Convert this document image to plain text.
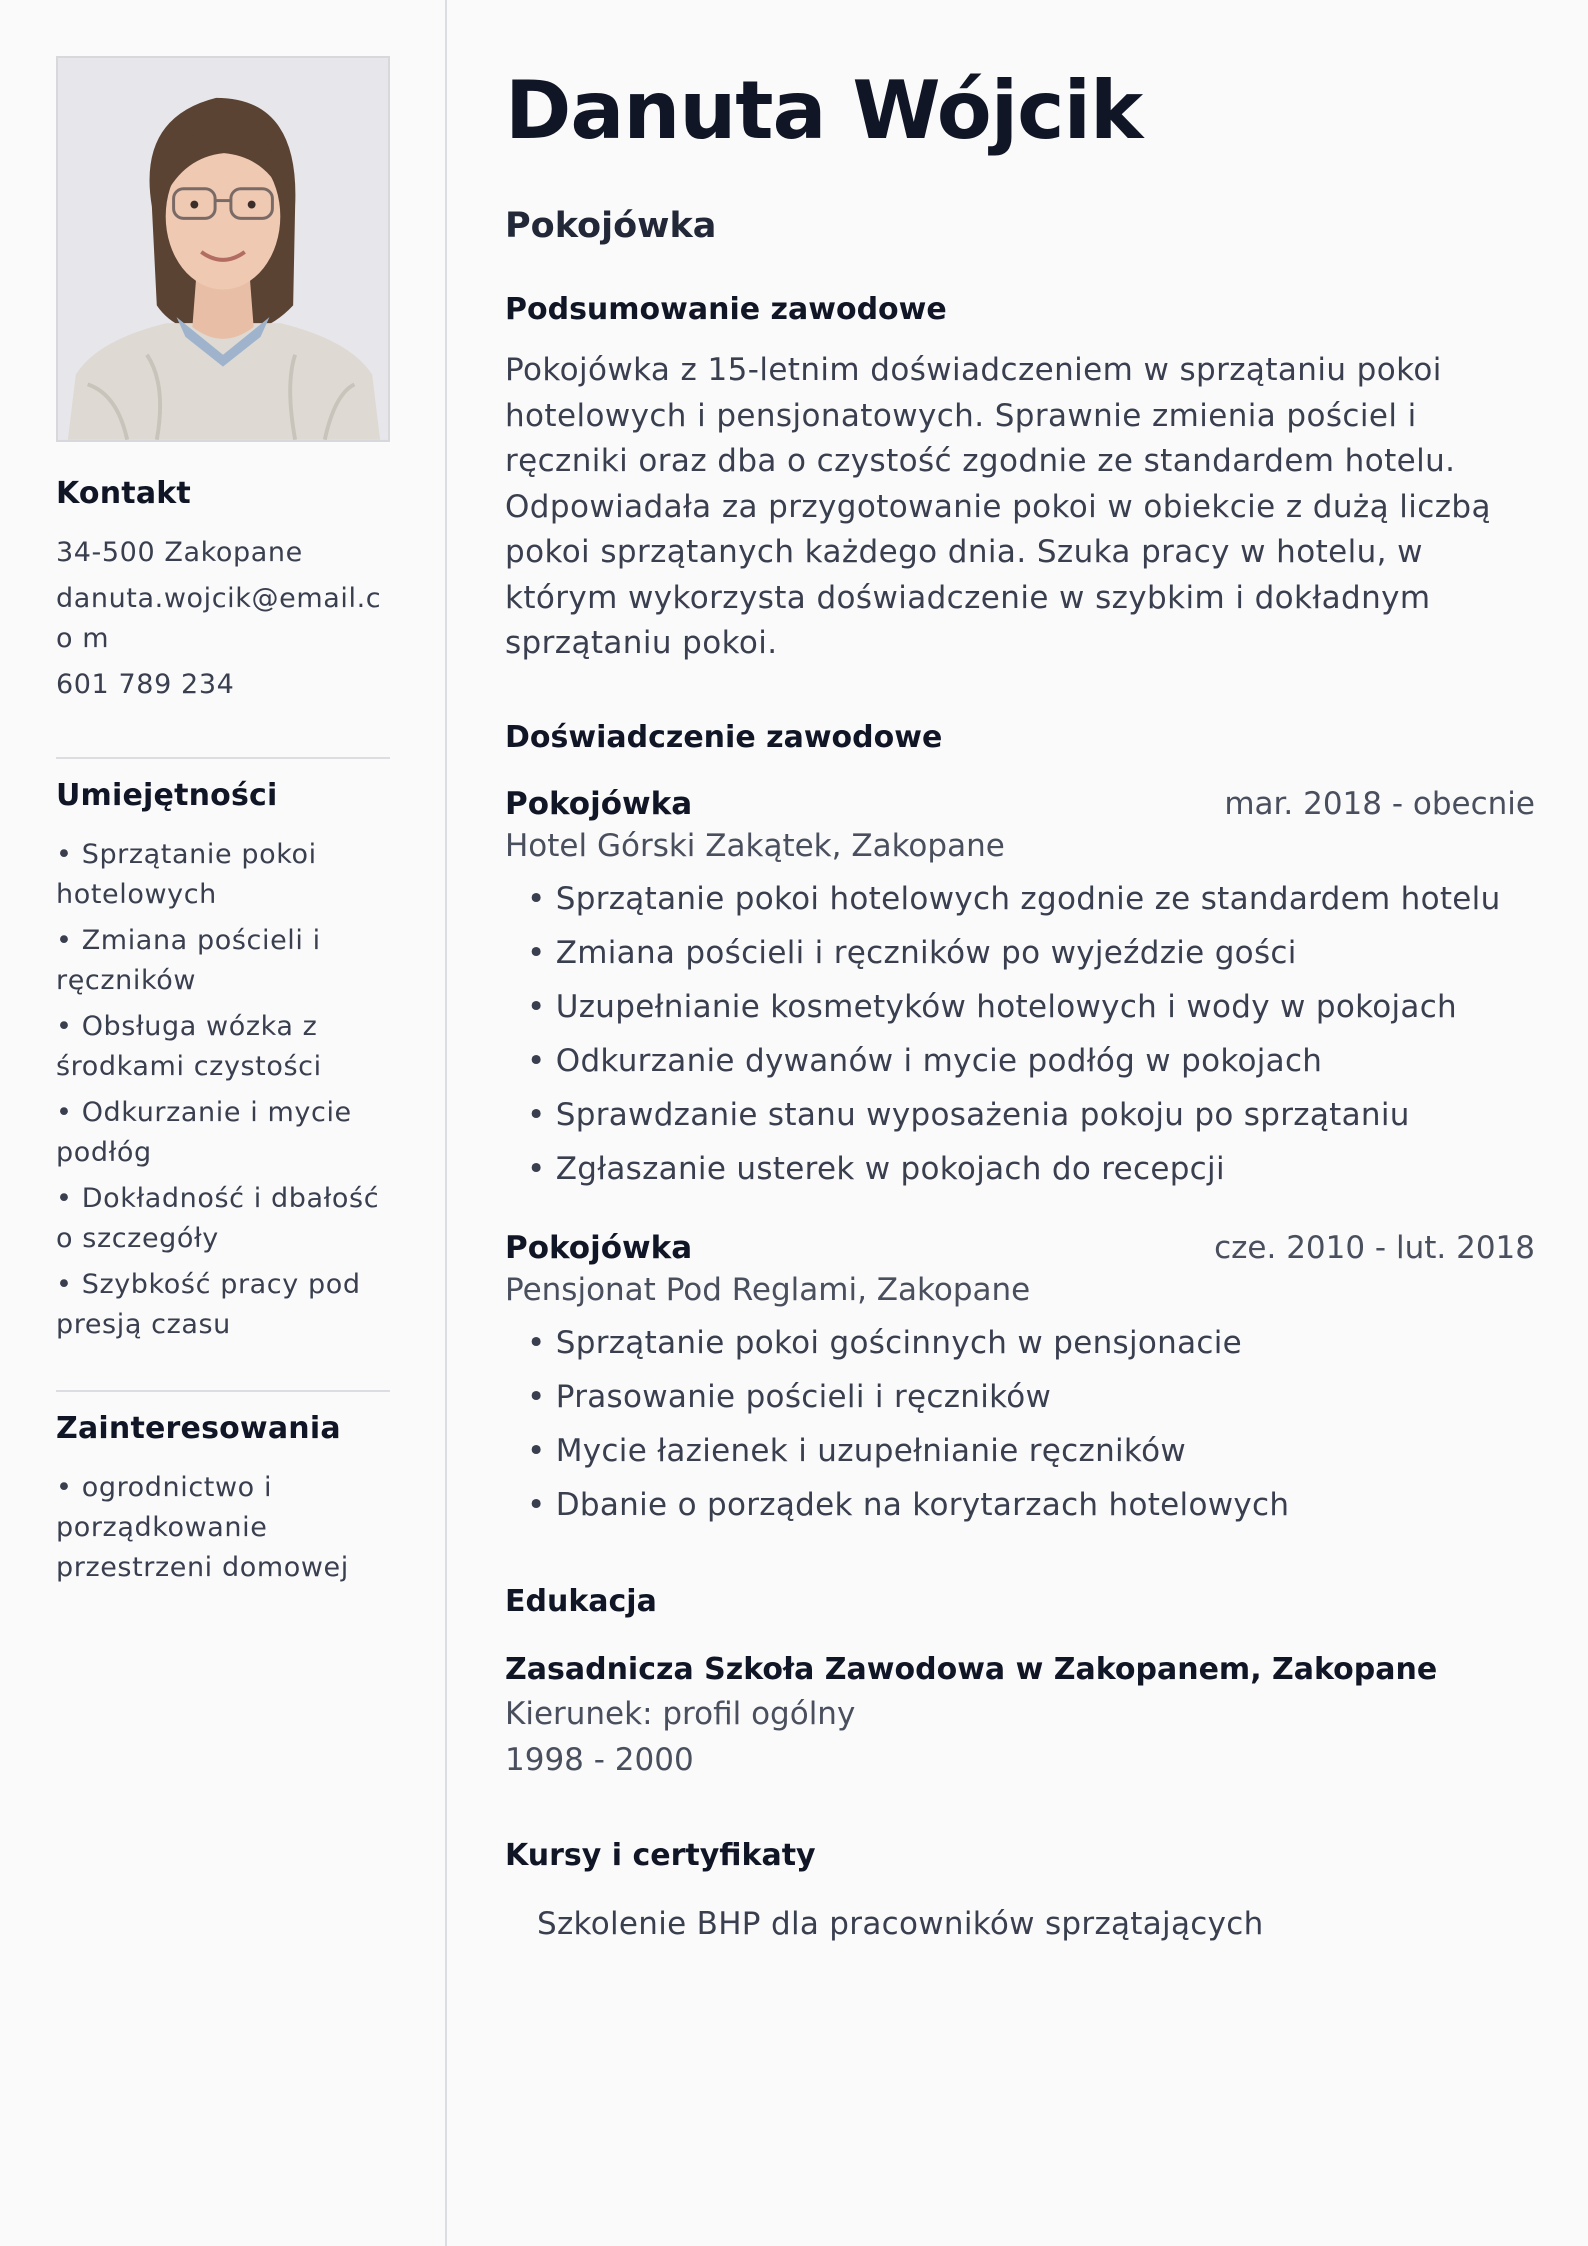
Kontakt
34-500 Zakopane
danuta.wojcik@email.co m
601 789 234
Umiejętności
• Sprzątanie pokoi hotelowych
• Zmiana pościeli i ręczników
• Obsługa wózka z środkami czystości
• Odkurzanie i mycie podłóg
• Dokładność i dbałość o szczegóły
• Szybkość pracy pod presją czasu
Zainteresowania
• ogrodnictwo i porządkowanie przestrzeni domowej
Danuta Wójcik
Pokojówka
Podsumowanie zawodowe
Pokojówka z 15-letnim doświadczeniem w sprzątaniu pokoi hotelowych i pensjonatowych. Sprawnie zmienia pościel i ręczniki oraz dba o czystość zgodnie ze standardem hotelu. Odpowiadała za przygotowanie pokoi w obiekcie z dużą liczbą pokoi sprzątanych każdego dnia. Szuka pracy w hotelu, w którym wykorzysta doświadczenie w szybkim i dokładnym sprzątaniu pokoi.
Doświadczenie zawodowe
Pokojówka	mar. 2018 - obecnie
Hotel Górski Zakątek, Zakopane
• Sprzątanie pokoi hotelowych zgodnie ze standardem hotelu
• Zmiana pościeli i ręczników po wyjeździe gości
• Uzupełnianie kosmetyków hotelowych i wody w pokojach
• Odkurzanie dywanów i mycie podłóg w pokojach
• Sprawdzanie stanu wyposażenia pokoju po sprzątaniu
• Zgłaszanie usterek w pokojach do recepcji
Pokojówka	cze. 2010 - lut. 2018
Pensjonat Pod Reglami, Zakopane
• Sprzątanie pokoi gościnnych w pensjonacie
• Prasowanie pościeli i ręczników
• Mycie łazienek i uzupełnianie ręczników
• Dbanie o porządek na korytarzach hotelowych
Edukacja
Zasadnicza Szkoła Zawodowa w Zakopanem, Zakopane
Kierunek: profil ogólny
1998 - 2000
Kursy i certyfikaty
Szkolenie BHP dla pracowników sprzątających
